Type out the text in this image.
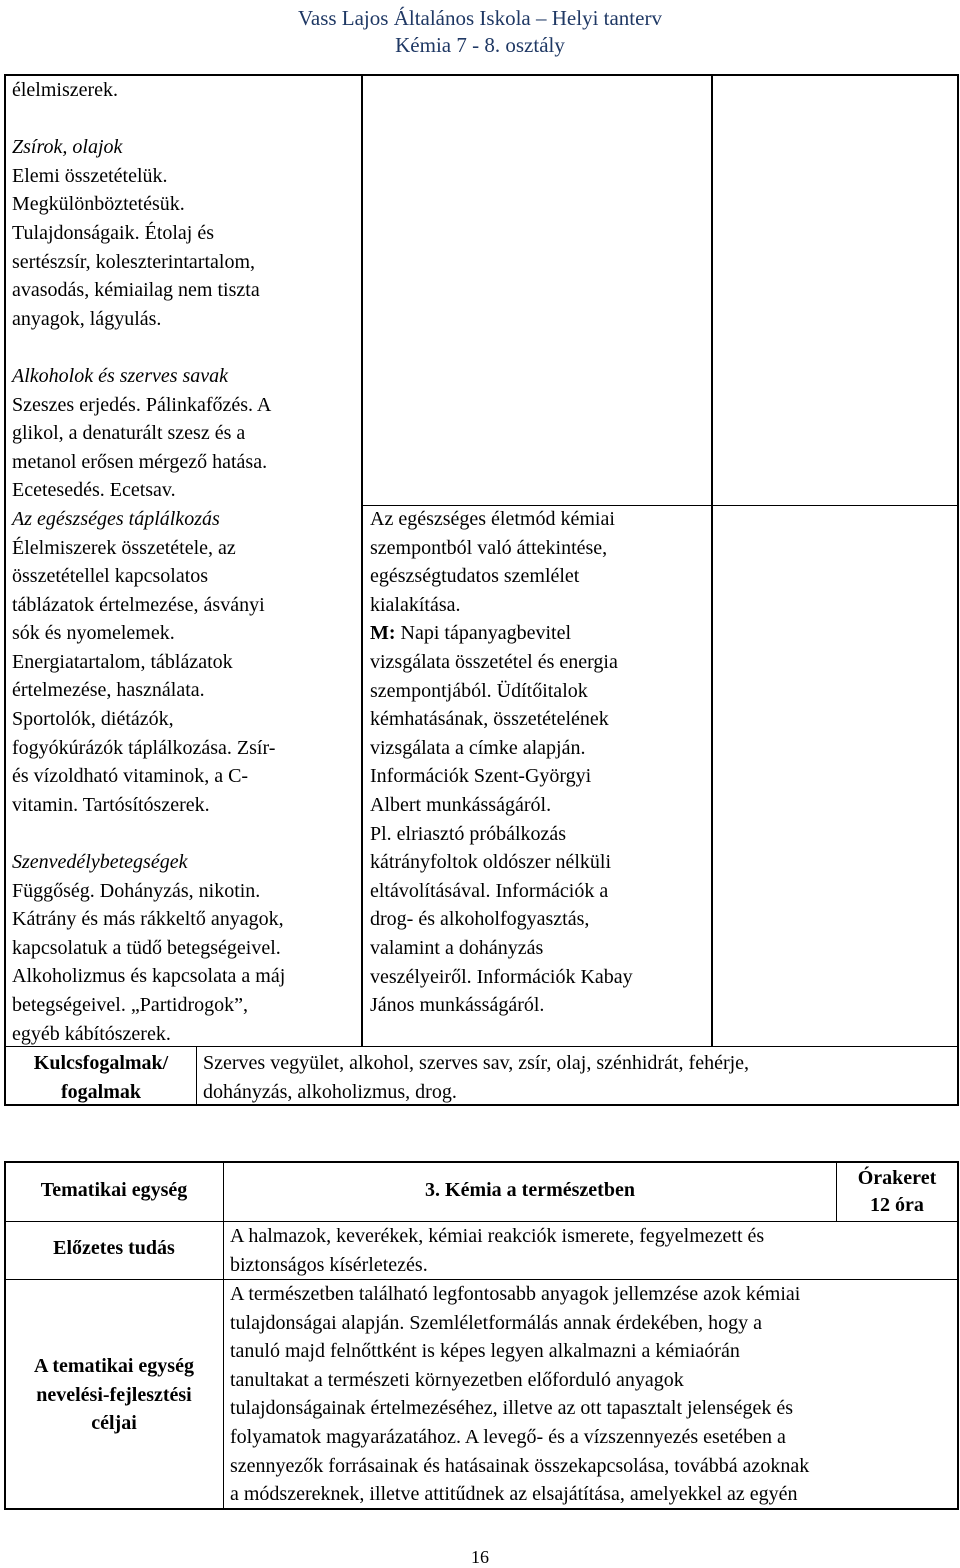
Vass Lajos Általános Iskola – Helyi tanterv
Kémia 7 - 8. osztály
élelmiszerek.

Zsírok, olajok
Elemi összetételük.
Megkülönböztetésük.
Tulajdonságaik. Étolaj és
sertészsír, koleszterintartalom,
avasodás, kémiailag nem tiszta
anyagok, lágyulás.

Alkoholok és szerves savak
Szeszes erjedés. Pálinkafőzés. A
glikol, a denaturált szesz és a
metanol erősen mérgező hatása.
Ecetesedés. Ecetsav.
Az egészséges táplálkozás
Élelmiszerek összetétele, az
összetétellel kapcsolatos
táblázatok értelmezése, ásványi
sók és nyomelemek.
Energiatartalom, táblázatok
értelmezése, használata.
Sportolók, diétázók,
fogyókúrázók táplálkozása. Zsír-
és vízoldható vitaminok, a C-
vitamin. Tartósítószerek.

Szenvedélybetegségek
Függőség. Dohányzás, nikotin.
Kátrány és más rákkeltő anyagok,
kapcsolatuk a tüdő betegségeivel.
Alkoholizmus és kapcsolata a máj
betegségeivel. „Partidrogok”,
egyéb kábítószerek.
Az egészséges életmód kémiai
szempontból való áttekintése,
egészségtudatos szemlélet
kialakítása.
M: Napi tápanyagbevitel
vizsgálata összetétel és energia
szempontjából. Üdítőitalok
kémhatásának, összetételének
vizsgálata a címke alapján.
Információk Szent-Györgyi
Albert munkásságáról.
Pl. elriasztó próbálkozás
kátrányfoltok oldószer nélküli
eltávolításával. Információk a
drog- és alkoholfogyasztás,
valamint a dohányzás
veszélyeiről. Információk Kabay
János munkásságáról.
Kulcsfogalmak/
fogalmak
Szerves vegyület, alkohol, szerves sav, zsír, olaj, szénhidrát, fehérje,
dohányzás, alkoholizmus, drog.
Tematikai egység	3. Kémia a természetben
Órakeret
12 óra
Előzetes tudás
A halmazok, keverékek, kémiai reakciók ismerete, fegyelmezett és
biztonságos kísérletezés.
A tematikai egység
nevelési-fejlesztési
céljai
A természetben található legfontosabb anyagok jellemzése azok kémiai
tulajdonságai alapján. Szemléletformálás annak érdekében, hogy a
tanuló majd felnőttként is képes legyen alkalmazni a kémiaórán
tanultakat a természeti környezetben előforduló anyagok
tulajdonságainak értelmezéséhez, illetve az ott tapasztalt jelenségek és
folyamatok magyarázatához. A levegő- és a vízszennyezés esetében a
szennyezők forrásainak és hatásainak összekapcsolása, továbbá azoknak
a módszereknek, illetve attitűdnek az elsajátítása, amelyekkel az egyén
16
